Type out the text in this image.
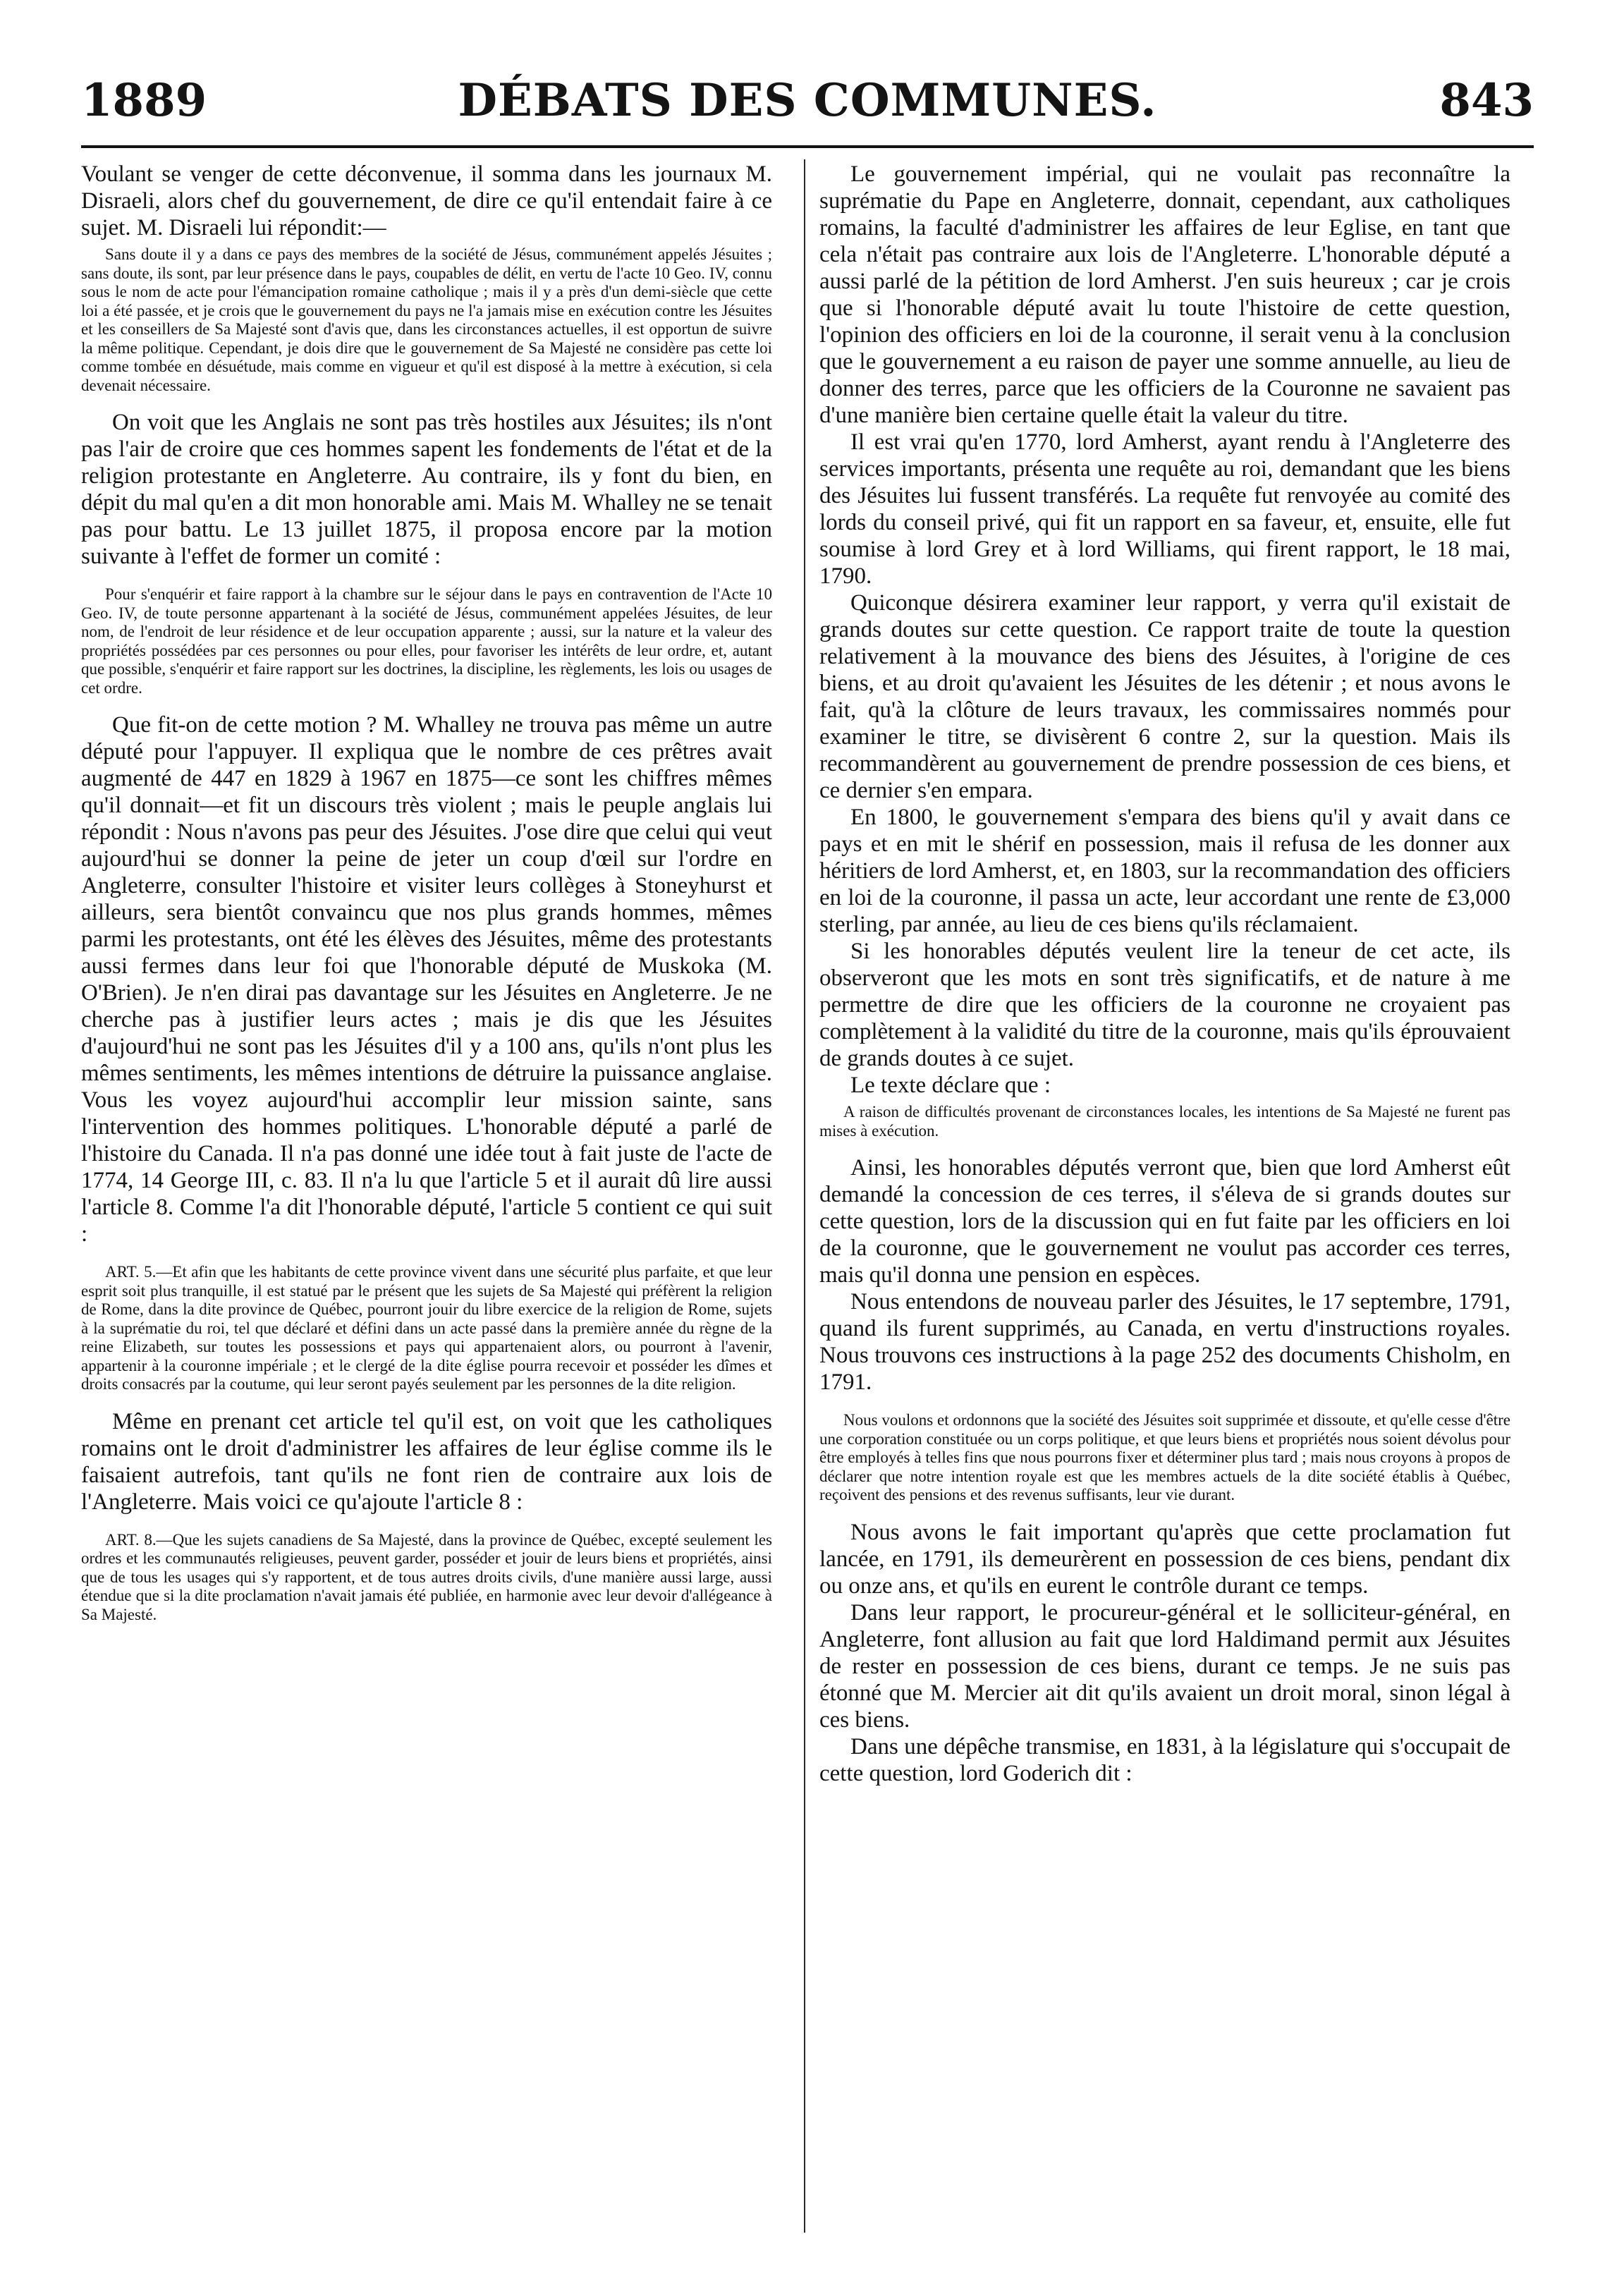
1889	DÉBATS DES COMMUNES.	843

Voulant se venger de cette déconvenue, il somma dans les journaux M. Disraeli, alors chef du gouvernement, de dire ce qu'il entendait faire à ce sujet. M. Disraeli lui répondit:—

Sans doute il y a dans ce pays des membres de la société de Jésus, communément appelés Jésuites ; sans doute, ils sont, par leur présence dans le pays, coupables de délit, en vertu de l'acte 10 Geo. IV, connu sous le nom de acte pour l'émancipation romaine catholique ; mais il y a près d'un demi-siècle que cette loi a été passée, et je crois que le gouvernement du pays ne l'a jamais mise en exécution contre les Jésuites et les conseillers de Sa Majesté sont d'avis que, dans les circonstances actuelles, il est opportun de suivre la même politique. Cependant, je dois dire que le gouvernement de Sa Majesté ne considère pas cette loi comme tombée en désuétude, mais comme en vigueur et qu'il est disposé à la mettre à exécution, si cela devenait nécessaire.

On voit que les Anglais ne sont pas très hostiles aux Jésuites; ils n'ont pas l'air de croire que ces hommes sapent les fondements de l'état et de la religion protestante en Angleterre. Au contraire, ils y font du bien, en dépit du mal qu'en a dit mon honorable ami. Mais M. Whalley ne se tenait pas pour battu. Le 13 juillet 1875, il proposa encore par la motion suivante à l'effet de former un comité :

Pour s'enquérir et faire rapport à la chambre sur le séjour dans le pays en contravention de l'Acte 10 Geo. IV, de toute personne appartenant à la société de Jésus, communément appelées Jésuites, de leur nom, de l'endroit de leur résidence et de leur occupation apparente ; aussi, sur la nature et la valeur des propriétés possédées par ces personnes ou pour elles, pour favoriser les intérêts de leur ordre, et, autant que possible, s'enquérir et faire rapport sur les doctrines, la discipline, les règlements, les lois ou usages de cet ordre.

Que fit-on de cette motion ? M. Whalley ne trouva pas même un autre député pour l'appuyer. Il expliqua que le nombre de ces prêtres avait augmenté de 447 en 1829 à 1967 en 1875—ce sont les chiffres mêmes qu'il donnait—et fit un discours très violent ; mais le peuple anglais lui répondit : Nous n'avons pas peur des Jésuites. J'ose dire que celui qui veut aujourd'hui se donner la peine de jeter un coup d'œil sur l'ordre en Angleterre, consulter l'histoire et visiter leurs collèges à Stoneyhurst et ailleurs, sera bientôt convaincu que nos plus grands hommes, mêmes parmi les protestants, ont été les élèves des Jésuites, même des protestants aussi fermes dans leur foi que l'honorable député de Muskoka (M. O'Brien). Je n'en dirai pas davantage sur les Jésuites en Angleterre. Je ne cherche pas à justifier leurs actes ; mais je dis que les Jésuites d'aujourd'hui ne sont pas les Jésuites d'il y a 100 ans, qu'ils n'ont plus les mêmes sentiments, les mêmes intentions de détruire la puissance anglaise. Vous les voyez aujourd'hui accomplir leur mission sainte, sans l'intervention des hommes politiques. L'honorable député a parlé de l'histoire du Canada. Il n'a pas donné une idée tout à fait juste de l'acte de 1774, 14 George III, c. 83. Il n'a lu que l'article 5 et il aurait dû lire aussi l'article 8. Comme l'a dit l'honorable député, l'article 5 contient ce qui suit :

ART. 5.—Et afin que les habitants de cette province vivent dans une sécurité plus parfaite, et que leur esprit soit plus tranquille, il est statué par le présent que les sujets de Sa Majesté qui préfèrent la religion de Rome, dans la dite province de Québec, pourront jouir du libre exercice de la religion de Rome, sujets à la suprématie du roi, tel que déclaré et défini dans un acte passé dans la première année du règne de la reine Elizabeth, sur toutes les possessions et pays qui appartenaient alors, ou pourront à l'avenir, appartenir à la couronne impériale ; et le clergé de la dite église pourra recevoir et posséder les dîmes et droits consacrés par la coutume, qui leur seront payés seulement par les personnes de la dite religion.

Même en prenant cet article tel qu'il est, on voit que les catholiques romains ont le droit d'administrer les affaires de leur église comme ils le faisaient autrefois, tant qu'ils ne font rien de contraire aux lois de l'Angleterre. Mais voici ce qu'ajoute l'article 8 :

ART. 8.—Que les sujets canadiens de Sa Majesté, dans la province de Québec, excepté seulement les ordres et les communautés religieuses, peuvent garder, posséder et jouir de leurs biens et propriétés, ainsi que de tous les usages qui s'y rapportent, et de tous autres droits civils, d'une manière aussi large, aussi étendue que si la dite proclamation n'avait jamais été publiée, en harmonie avec leur devoir d'allégeance à Sa Majesté.

Le gouvernement impérial, qui ne voulait pas reconnaître la suprématie du Pape en Angleterre, donnait, cependant, aux catholiques romains, la faculté d'administrer les affaires de leur Eglise, en tant que cela n'était pas contraire aux lois de l'Angleterre. L'honorable député a aussi parlé de la pétition de lord Amherst. J'en suis heureux ; car je crois que si l'honorable député avait lu toute l'histoire de cette question, l'opinion des officiers en loi de la couronne, il serait venu à la conclusion que le gouvernement a eu raison de payer une somme annuelle, au lieu de donner des terres, parce que les officiers de la Couronne ne savaient pas d'une manière bien certaine quelle était la valeur du titre.

Il est vrai qu'en 1770, lord Amherst, ayant rendu à l'Angleterre des services importants, présenta une requête au roi, demandant que les biens des Jésuites lui fussent transférés. La requête fut renvoyée au comité des lords du conseil privé, qui fit un rapport en sa faveur, et, ensuite, elle fut soumise à lord Grey et à lord Williams, qui firent rapport, le 18 mai, 1790.

Quiconque désirera examiner leur rapport, y verra qu'il existait de grands doutes sur cette question. Ce rapport traite de toute la question relativement à la mouvance des biens des Jésuites, à l'origine de ces biens, et au droit qu'avaient les Jésuites de les détenir ; et nous avons le fait, qu'à la clôture de leurs travaux, les commissaires nommés pour examiner le titre, se divisèrent 6 contre 2, sur la question. Mais ils recommandèrent au gouvernement de prendre possession de ces biens, et ce dernier s'en empara.

En 1800, le gouvernement s'empara des biens qu'il y avait dans ce pays et en mit le shérif en possession, mais il refusa de les donner aux héritiers de lord Amherst, et, en 1803, sur la recommandation des officiers en loi de la couronne, il passa un acte, leur accordant une rente de £3,000 sterling, par année, au lieu de ces biens qu'ils réclamaient.

Si les honorables députés veulent lire la teneur de cet acte, ils observeront que les mots en sont très significatifs, et de nature à me permettre de dire que les officiers de la couronne ne croyaient pas complètement à la validité du titre de la couronne, mais qu'ils éprouvaient de grands doutes à ce sujet.

Le texte déclare que :

A raison de difficultés provenant de circonstances locales, les intentions de Sa Majesté ne furent pas mises à exécution.

Ainsi, les honorables députés verront que, bien que lord Amherst eût demandé la concession de ces terres, il s'éleva de si grands doutes sur cette question, lors de la discussion qui en fut faite par les officiers en loi de la couronne, que le gouvernement ne voulut pas accorder ces terres, mais qu'il donna une pension en espèces.

Nous entendons de nouveau parler des Jésuites, le 17 septembre, 1791, quand ils furent supprimés, au Canada, en vertu d'instructions royales. Nous trouvons ces instructions à la page 252 des documents Chisholm, en 1791.

Nous voulons et ordonnons que la société des Jésuites soit supprimée et dissoute, et qu'elle cesse d'être une corporation constituée ou un corps politique, et que leurs biens et propriétés nous soient dévolus pour être employés à telles fins que nous pourrons fixer et déterminer plus tard ; mais nous croyons à propos de déclarer que notre intention royale est que les membres actuels de la dite société établis à Québec, reçoivent des pensions et des revenus suffisants, leur vie durant.

Nous avons le fait important qu'après que cette proclamation fut lancée, en 1791, ils demeurèrent en possession de ces biens, pendant dix ou onze ans, et qu'ils en eurent le contrôle durant ce temps.

Dans leur rapport, le procureur-général et le solliciteur-général, en Angleterre, font allusion au fait que lord Haldimand permit aux Jésuites de rester en possession de ces biens, durant ce temps. Je ne suis pas étonné que M. Mercier ait dit qu'ils avaient un droit moral, sinon légal à ces biens.

Dans une dépêche transmise, en 1831, à la législature qui s'occupait de cette question, lord Goderich dit :
